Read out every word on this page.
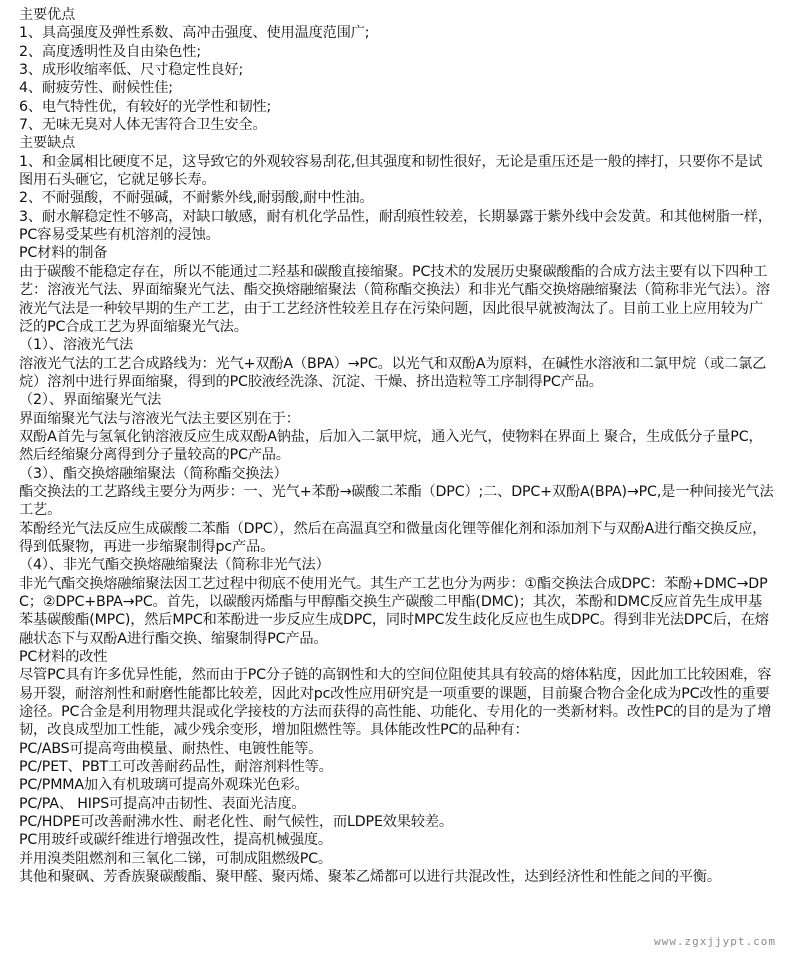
主要优点

1、具高强度及弹性系数、高冲击强度、使用温度范围广;

2、高度透明性及自由染色性;

3、成形收缩率低、尺寸稳定性良好;

4、耐疲劳性、耐候性佳;

6、电气特性优，有较好的光学性和韧性;

7、无味无臭对人体无害符合卫生安全。

主要缺点

1、和金属相比硬度不足，这导致它的外观较容易刮花,但其强度和韧性很好，无论是重压还是一般的摔打，只要你不是试图用石头砸它，它就足够长寿。

2、不耐强酸，不耐强碱，不耐紫外线,耐弱酸,耐中性油。

3、耐水解稳定性不够高，对缺口敏感，耐有机化学品性，耐刮痕性较差，长期暴露于紫外线中会发黄。和其他树脂一样，PC容易受某些有机溶剂的浸蚀。

PC材料的制备

由于碳酸不能稳定存在，所以不能通过二羟基和碳酸直接缩聚。PC技术的发展历史聚碳酸酯的合成方法主要有以下四种工艺：溶液光气法、界面缩聚光气法、酯交换熔融缩聚法（简称酯交换法）和非光气酯交换熔融缩聚法（简称非光气法）。溶液光气法是一种较早期的生产工艺，由于工艺经济性较差且存在污染问题，因此很早就被淘汰了。目前工业上应用较为广泛的PC合成工艺为界面缩聚光气法。

（1）、溶液光气法

溶液光气法的工艺合成路线为：光气+双酚A（BPA）→PC。以光气和双酚A为原料，在碱性水溶液和二氯甲烷（或二氯乙烷）溶剂中进行界面缩聚，得到的PC胶液经洗涤、沉淀、干燥、挤出造粒等工序制得PC产品。

（2）、界面缩聚光气法

界面缩聚光气法与溶液光气法主要区别在于：

双酚A首先与氢氧化钠溶液反应生成双酚A钠盐，后加入二氯甲烷，通入光气，使物料在界面上 聚合，生成低分子量PC，然后经缩聚分离得到分子量较高的PC产品。

（3）、酯交换熔融缩聚法（简称酯交换法）

酯交换法的工艺路线主要分为两步：一、光气+苯酚→碳酸二苯酯（DPC）;二、DPC+双酚A(BPA)→PC,是一种间接光气法工艺。

苯酚经光气法反应生成碳酸二苯酯（DPC），然后在高温真空和微量卤化锂等催化剂和添加剂下与双酚A进行酯交换反应，得到低聚物，再进一步缩聚制得pc产品。

（4）、非光气酯交换熔融缩聚法（简称非光气法）

非光气酯交换熔融缩聚法因工艺过程中彻底不使用光气。其生产工艺也分为两步：①酯交换法合成DPC：苯酚+DMC→DPC；②DPC+BPA→PC。首先，以碳酸丙烯酯与甲醇酯交换生产碳酸二甲酯(DMC)；其次，苯酚和DMC反应首先生成甲基苯基碳酸酯(MPC)，然后MPC和苯酚进一步反应生成DPC，同时MPC发生歧化反应也生成DPC。得到非光法DPC后，在熔融状态下与双酚A进行酯交换、缩聚制得PC产品。

PC材料的改性

尽管PC具有许多优异性能，然而由于PC分子链的高钢性和大的空间位阻使其具有较高的熔体粘度，因此加工比较困难，容易开裂，耐溶剂性和耐磨性能都比较差，因此对pc改性应用研究是一项重要的课题，目前聚合物合金化成为PC改性的重要途径。PC合金是利用物理共混或化学接枝的方法而获得的高性能、功能化、专用化的一类新材料。改性PC的目的是为了增韧，改良成型加工性能，减少残余变形，增加阻燃性等。具体能改性PC的品种有：

PC/ABS可提高弯曲模量、耐热性、电镀性能等。

PC/PET、PBT工可改善耐药品性，耐溶剂料性等。

PC/PMMA加入有机玻璃可提高外观珠光色彩。

PC/PA、 HIPS可提高冲击韧性、表面光洁度。

PC/HDPE可改善耐沸水性、耐老化性、耐气候性，而LDPE效果较差。

PC用玻纤或碳纤维进行增强改性，提高机械强度。

并用溴类阻燃剂和三氧化二锑，可制成阻燃级PC。

其他和聚砜、芳香族聚碳酸酯、聚甲醛、聚丙烯、聚苯乙烯都可以进行共混改性，达到经济性和性能之间的平衡。

www.zgxjjypt.com
